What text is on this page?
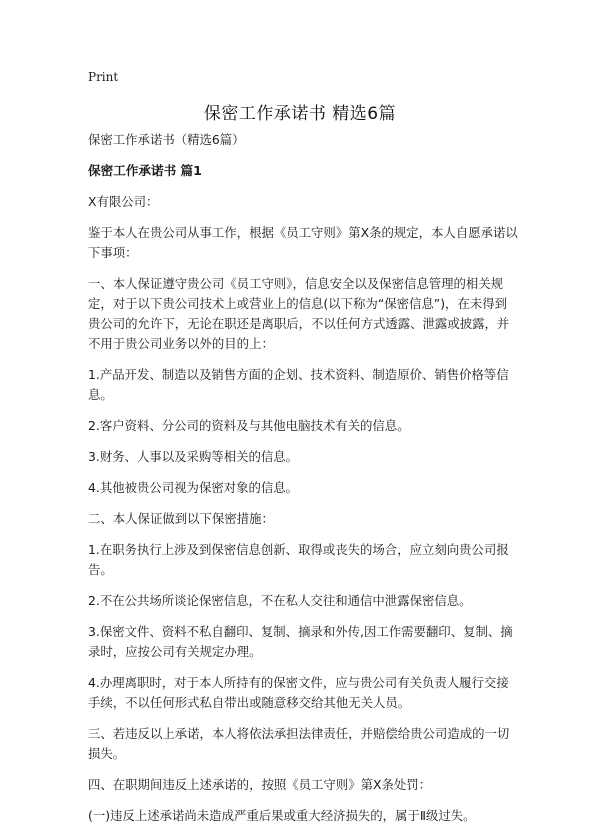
Print
保密工作承诺书 精选6篇

保密工作承诺书（精选6篇）

保密工作承诺书 篇1

X有限公司：

鉴于本人在贵公司从事工作，根据《员工守则》第X条的规定，本人自愿承诺以下事项：

一、本人保证遵守贵公司《员工守则》，信息安全以及保密信息管理的相关规定，对于以下贵公司技术上或营业上的信息(以下称为“保密信息”)，在未得到贵公司的允许下，无论在职还是离职后，不以任何方式透露、泄露或披露，并不用于贵公司业务以外的目的上：

1.产品开发、制造以及销售方面的企划、技术资料、制造原价、销售价格等信息。

2.客户资料、分公司的资料及与其他电脑技术有关的信息。

3.财务、人事以及采购等相关的信息。

4.其他被贵公司视为保密对象的信息。

二、本人保证做到以下保密措施：

1.在职务执行上涉及到保密信息创新、取得或丧失的场合，应立刻向贵公司报告。

2.不在公共场所谈论保密信息，不在私人交往和通信中泄露保密信息。

3.保密文件、资料不私自翻印、复制、摘录和外传,因工作需要翻印、复制、摘录时，应按公司有关规定办理。

4.办理离职时，对于本人所持有的保密文件，应与贵公司有关负责人履行交接手续，不以任何形式私自带出或随意移交给其他无关人员。

三、若违反以上承诺，本人将依法承担法律责任，并赔偿给贵公司造成的一切损失。

四、在职期间违反上述承诺的，按照《员工守则》第X条处罚：

(一)违反上述承诺尚未造成严重后果或重大经济损失的，属于Ⅱ级过失。
